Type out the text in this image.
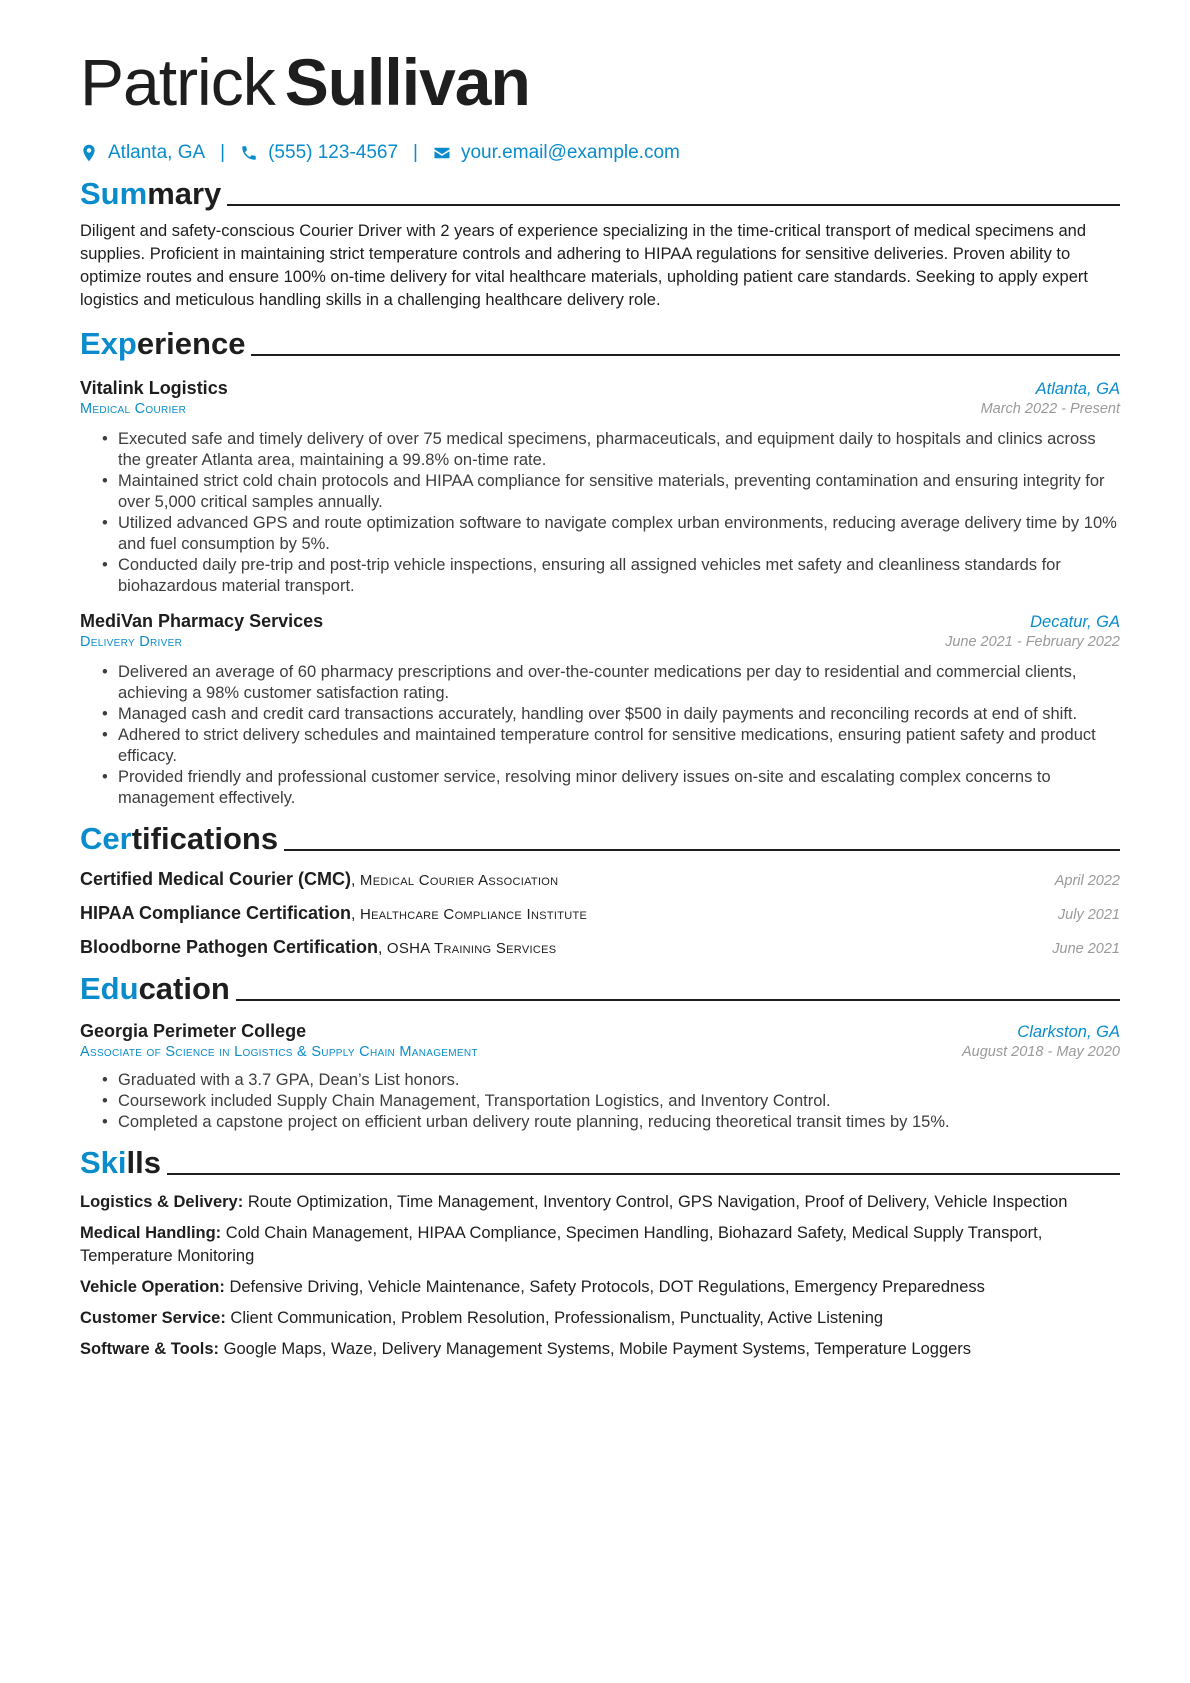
Patrick Sullivan
Atlanta, GA | (555) 123-4567 | your.email@example.com
Summary
Diligent and safety-conscious Courier Driver with 2 years of experience specializing in the time-critical transport of medical specimens and supplies. Proficient in maintaining strict temperature controls and adhering to HIPAA regulations for sensitive deliveries. Proven ability to optimize routes and ensure 100% on-time delivery for vital healthcare materials, upholding patient care standards. Seeking to apply expert logistics and meticulous handling skills in a challenging healthcare delivery role.
Experience
Vitalink Logistics	Atlanta, GA
Medical Courier	March 2022 - Present
• Executed safe and timely delivery of over 75 medical specimens, pharmaceuticals, and equipment daily to hospitals and clinics across the greater Atlanta area, maintaining a 99.8% on-time rate.
• Maintained strict cold chain protocols and HIPAA compliance for sensitive materials, preventing contamination and ensuring integrity for over 5,000 critical samples annually.
• Utilized advanced GPS and route optimization software to navigate complex urban environments, reducing average delivery time by 10% and fuel consumption by 5%.
• Conducted daily pre-trip and post-trip vehicle inspections, ensuring all assigned vehicles met safety and cleanliness standards for biohazardous material transport.
MediVan Pharmacy Services	Decatur, GA
Delivery Driver	June 2021 - February 2022
• Delivered an average of 60 pharmacy prescriptions and over-the-counter medications per day to residential and commercial clients, achieving a 98% customer satisfaction rating.
• Managed cash and credit card transactions accurately, handling over $500 in daily payments and reconciling records at end of shift.
• Adhered to strict delivery schedules and maintained temperature control for sensitive medications, ensuring patient safety and product efficacy.
• Provided friendly and professional customer service, resolving minor delivery issues on-site and escalating complex concerns to management effectively.
Certifications
Certified Medical Courier (CMC), Medical Courier Association	April 2022
HIPAA Compliance Certification, Healthcare Compliance Institute	July 2021
Bloodborne Pathogen Certification, OSHA Training Services	June 2021
Education
Georgia Perimeter College	Clarkston, GA
Associate of Science in Logistics & Supply Chain Management	August 2018 - May 2020
• Graduated with a 3.7 GPA, Dean’s List honors.
• Coursework included Supply Chain Management, Transportation Logistics, and Inventory Control.
• Completed a capstone project on efficient urban delivery route planning, reducing theoretical transit times by 15%.
Skills
Logistics & Delivery: Route Optimization, Time Management, Inventory Control, GPS Navigation, Proof of Delivery, Vehicle Inspection
Medical Handling: Cold Chain Management, HIPAA Compliance, Specimen Handling, Biohazard Safety, Medical Supply Transport, Temperature Monitoring
Vehicle Operation: Defensive Driving, Vehicle Maintenance, Safety Protocols, DOT Regulations, Emergency Preparedness
Customer Service: Client Communication, Problem Resolution, Professionalism, Punctuality, Active Listening
Software & Tools: Google Maps, Waze, Delivery Management Systems, Mobile Payment Systems, Temperature Loggers
